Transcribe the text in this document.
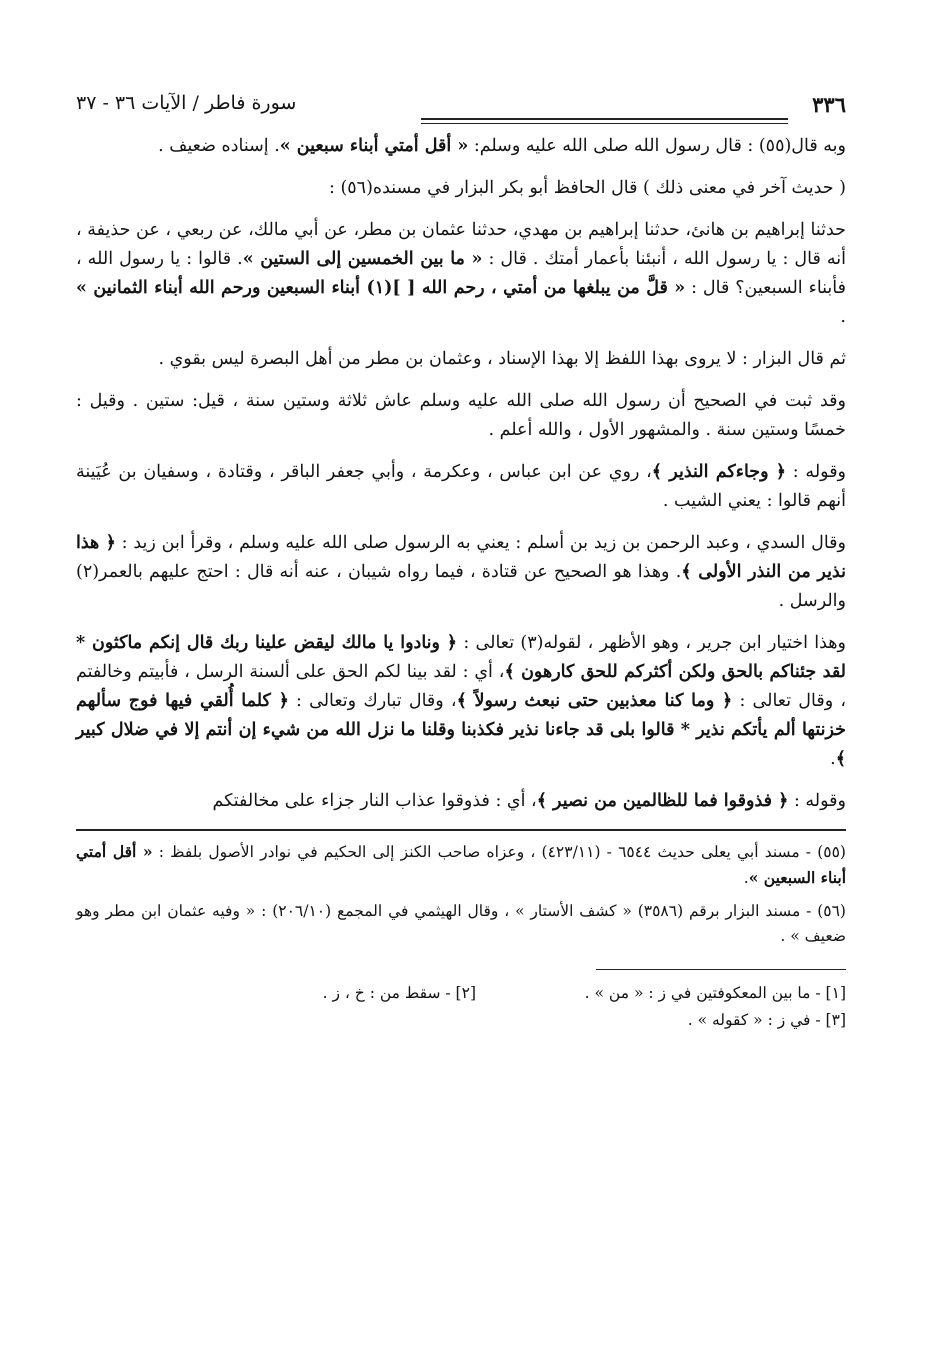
٣٣٦
سورة فاطر / الآيات ٣٦ - ٣٧

وبه قال(٥٥) : قال رسول الله صلى الله عليه وسلم: « أقل أمتي أبناء سبعين ». إسناده ضعيف .

( حديث آخر في معنى ذلك ) قال الحافظ أبو بكر البزار في مسنده(٥٦) :

حدثنا إبراهيم بن هانئ، حدثنا إبراهيم بن مهدي، حدثنا عثمان بن مطر، عن أبي مالك، عن ربعي ، عن حذيفة ، أنه قال : يا رسول الله ، أنبئنا بأعمار أمتك . قال : « ما بين الخمسين إلى الستين ». قالوا : يا رسول الله ، فأبناء السبعين؟ قال : « قلَّ من يبلغها من أمتي ، رحم الله [ ](١) أبناء السبعين ورحم الله أبناء الثمانين » .

ثم قال البزار : لا يروى بهذا اللفظ إلا بهذا الإسناد ، وعثمان بن مطر من أهل البصرة ليس بقوي .

وقد ثبت في الصحيح أن رسول الله صلى الله عليه وسلم عاش ثلاثة وستين سنة ، قيل: ستين . وقيل : خمسًا وستين سنة . والمشهور الأول ، والله أعلم .

وقوله : ﴿ وجاءكم النذير ﴾، روي عن ابن عباس ، وعكرمة ، وأبي جعفر الباقر ، وقتادة ، وسفيان بن عُيَينة أنهم قالوا : يعني الشيب .

وقال السدي ، وعبد الرحمن بن زيد بن أسلم : يعني به الرسول صلى الله عليه وسلم ، وقرأ ابن زيد : ﴿ هذا نذير من النذر الأولى ﴾. وهذا هو الصحيح عن قتادة ، فيما رواه شيبان ، عنه أنه قال : احتج عليهم بالعمر(٢) والرسل .

وهذا اختيار ابن جرير ، وهو الأظهر ، لقوله(٣) تعالى : ﴿ ونادوا يا مالك ليقض علينا ربك قال إنكم ماكثون * لقد جئناكم بالحق ولكن أكثركم للحق كارهون ﴾، أي : لقد بينا لكم الحق على ألسنة الرسل ، فأبيتم وخالفتم ، وقال تعالى : ﴿ وما كنا معذبين حتى نبعث رسولاً ﴾، وقال تبارك وتعالى : ﴿ كلما أُلقي فيها فوج سألهم خزنتها ألم يأتكم نذير * قالوا بلى قد جاءنا نذير فكذبنا وقلنا ما نزل الله من شيء إن أنتم إلا في ضلال كبير ﴾.

وقوله : ﴿ فذوقوا فما للظالمين من نصير ﴾، أي : فذوقوا عذاب النار جزاء على مخالفتكم

(٥٥) - مسند أبي يعلى حديث ٦٥٤٤ - (٤٢٣/١١) ، وعزاه صاحب الكنز إلى الحكيم في نوادر الأصول بلفظ : « أقل أمتي أبناء السبعين ».

(٥٦) - مسند البزار برقم (٣٥٨٦) « كشف الأستار » ، وقال الهيثمي في المجمع (٢٠٦/١٠) : « وفيه عثمان ابن مطر وهو ضعيف » .

[١] - ما بين المعكوفتين في ز : « من » .
[٢] - سقط من : خ ، ز .
[٣] - في ز : « كقوله » .
